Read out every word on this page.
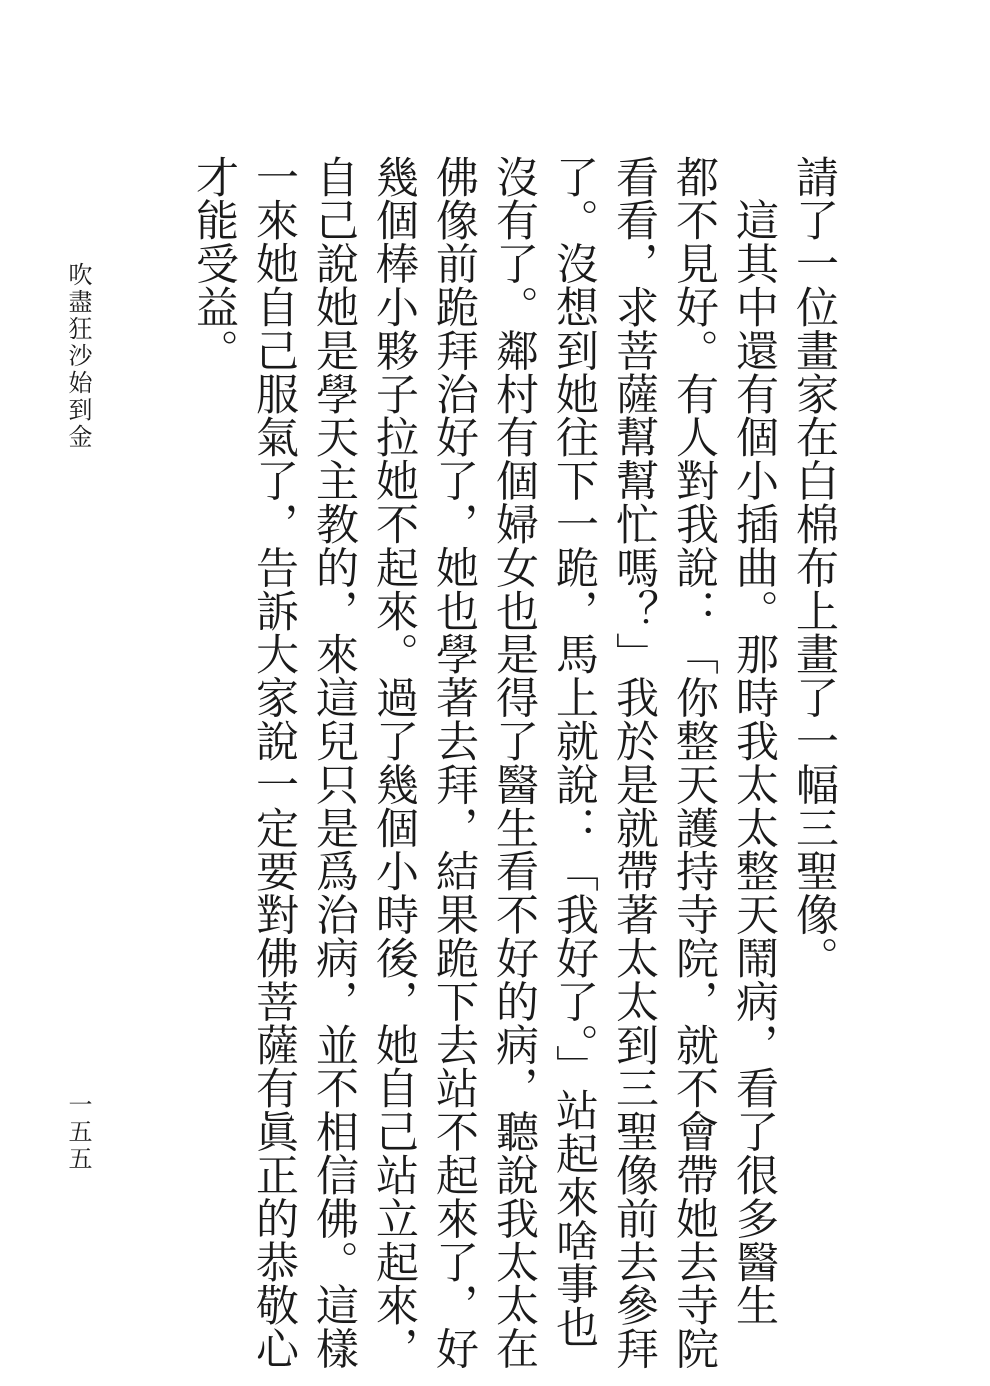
請了一位畫家在白棉布上畫了一幅三聖像。

　這其中還有個小插曲。那時我太太整天鬧病，看了很多醫生

都不見好。有人對我說：「你整天護持寺院，就不會帶她去寺院

看看，求菩薩幫幫忙嗎？」我於是就帶著太太到三聖像前去參拜

了。沒想到她往下一跪，馬上就說：「我好了。」站起來啥事也

沒有了。鄰村有個婦女也是得了醫生看不好的病，聽說我太太在

佛像前跪拜治好了，她也學著去拜，結果跪下去站不起來了，好

幾個棒小夥子拉她不起來。過了幾個小時後，她自己站立起來，

自己說她是學天主教的，來這兒只是爲治病，並不相信佛。這樣

一來她自己服氣了，告訴大家說一定要對佛菩薩有眞正的恭敬心

才能受益。

吹盡狂沙始到金

一五五
